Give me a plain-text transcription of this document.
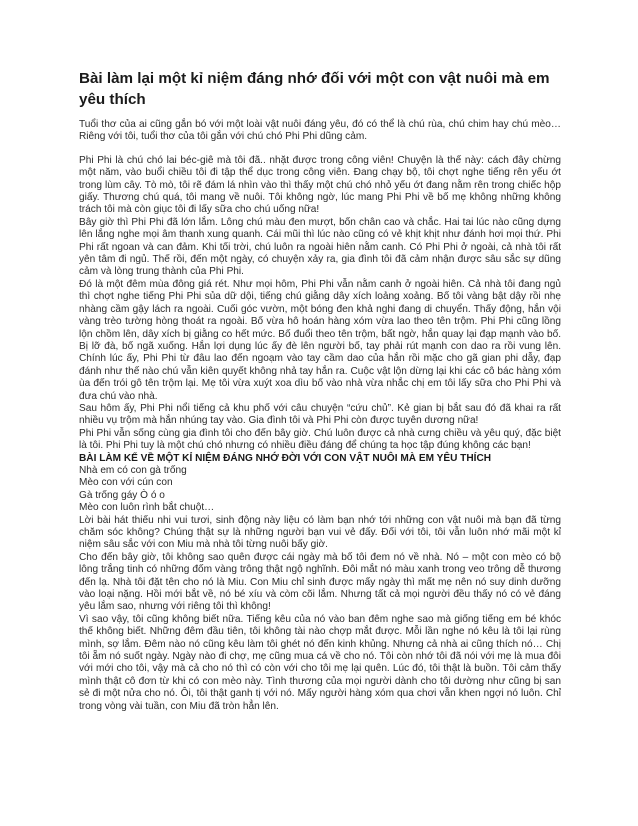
Bài làm lại một kỉ niệm đáng nhớ đối với một con vật nuôi mà em yêu thích

Tuổi thơ của ai cũng gắn bó với một loài vật nuôi đáng yêu, đó có thể là chú rùa, chú chim hay chú mèo… Riêng với tôi, tuổi thơ của tôi gắn với chú chó Phi Phi dũng cảm.

Phi Phi là chú chó lai béc-giê mà tôi đã.. nhặt được trong công viên! Chuyện là thế này: cách đây chừng một năm, vào buổi chiều tôi đi tập thể dục trong công viên. Đang chạy bộ, tôi chợt nghe tiếng rên yếu ớt trong lùm cây. Tò mò, tôi rẽ đám lá nhìn vào thì thấy một chú chó nhỏ yếu ớt đang nằm rên trong chiếc hộp giấy. Thương chú quá, tôi mang về nuôi. Tôi không ngờ, lúc mang Phi Phi về bố mẹ không những không trách tôi mà còn giục tôi đi lấy sữa cho chú uống nữa!

Bây giờ thì Phi Phi đã lớn lắm. Lông chú màu đen mượt, bốn chân cao và chắc. Hai tai lúc nào cũng dựng lên lắng nghe mọi âm thanh xung quanh. Cái mũi thì lúc nào cũng có vẻ khịt khịt như đánh hơi mọi thứ. Phi Phi rất ngoan và can đảm. Khi tối trời, chú luôn ra ngoài hiên nằm canh. Có Phi Phi ở ngoài, cả nhà tôi rất yên tâm đi ngủ. Thế rồi, đến một ngày, có chuyện xảy ra, gia đình tôi đã cảm nhận được sâu sắc sự dũng cảm và lòng trung thành của Phi Phi.

Đó là một đêm mùa đông giá rét. Như mọi hôm, Phi Phi vẫn nằm canh ở ngoài hiên. Cả nhà tôi đang ngủ thì chợt nghe tiếng Phi Phi sủa dữ dội, tiếng chú giằng dây xích loảng xoảng. Bố tôi vàng bật dậy rồi nhẹ nhàng cầm gậy lách ra ngoài. Cuối góc vườn, một bóng đen khả nghi đang di chuyển. Thấy động, hắn vội vàng trèo tường hòng thoát ra ngoài. Bố vừa hô hoán hàng xóm vừa lao theo tên trộm. Phi Phi cũng lồng lộn chồm lên, dây xích bị giằng co hết mức. Bố đuổi theo tên trộm, bất ngờ, hắn quay lại đạp mạnh vào bố. Bị lỡ đà, bố ngã xuống. Hắn lợi dụng lúc ấy đè lên người bố, tay phải rút mạnh con dao ra rồi vung lên. Chính lúc ấy, Phi Phi từ đâu lao đến ngoạm vào tay cầm dao của hắn rồi mặc cho gã gian phi dẫy, đạp đánh như thế nào chú vẫn kiên quyết không nhả tay hắn ra. Cuộc vật lộn dừng lại khi các cô bác hàng xóm ùa đến trói gô tên trộm lại. Mẹ tôi vừa xuýt xoa dìu bố vào nhà vừa nhắc chị em tôi lấy sữa cho Phi Phi và đưa chú vào nhà.

Sau hôm ấy, Phi Phi nổi tiếng cả khu phố với câu chuyện “cứu chủ”. Kẻ gian bị bắt sau đó đã khai ra rất nhiều vụ trộm mà hắn nhúng tay vào. Gia đình tôi và Phi Phi còn được tuyên dương nữa!

Phi Phi vẫn sống cùng gia đình tôi cho đến bây giờ. Chú luôn được cả nhà cưng chiều và yêu quý, đặc biệt là tôi. Phi Phi tuy là một chú chó nhưng có nhiều điều đáng để chúng ta học tập đúng không các bạn!

BÀI LÀM KỂ VỀ MỘT KỈ NIỆM ĐÁNG NHỚ ĐỜI VỚI CON VẬT NUÔI MÀ EM YÊU THÍCH

Nhà em có con gà trống

Mèo con với cún con

Gà trống gáy Ò ó o

Mèo con luôn rình bắt chuột…

Lời bài hát thiếu nhi vui tươi, sinh động này liệu có làm bạn nhớ tới những con vật nuôi mà bạn đã từng chăm sóc không? Chúng thật sự là những người bạn vui vẻ đấy. Đối với tôi, tôi vẫn luôn nhớ mãi một kỉ niệm sâu sắc với con Miu mà nhà tôi từng nuôi bấy giờ.

Cho đến bây giờ, tôi không sao quên được cái ngày mà bố tôi đem nó về nhà. Nó – một con mèo có bộ lông trắng tinh có những đốm vàng trông thật ngộ nghĩnh. Đôi mắt nó màu xanh trong veo trông dễ thương đến lạ. Nhà tôi đặt tên cho nó là Miu. Con Miu chỉ sinh được mấy ngày thì mất mẹ nên nó suy dinh dưỡng vào loại nặng. Hồi mới bắt về, nó bé xíu và còm cõi lắm. Nhưng tất cả mọi người đều thấy nó có vẻ đáng yêu lắm sao, nhưng với riêng tôi thì không!

Vì sao vậy, tôi cũng không biết nữa. Tiếng kêu của nó vào ban đêm nghe sao mà giống tiếng em bé khóc thế không biết. Những đêm đầu tiên, tôi không tài nào chợp mắt được. Mỗi lần nghe nó kêu là tôi lại rùng mình, sợ lắm. Đêm nào nó cũng kêu làm tôi ghét nó đến kinh khủng. Nhưng cả nhà ai cũng thích nó… Chị tôi ẵm nó suốt ngày. Ngày nào đi chợ, mẹ cũng mua cá về cho nó. Tôi còn nhớ tôi đã nói với mẹ là mua đôi với mới cho tôi, vậy mà cả cho nó thì có còn với cho tôi mẹ lại quên. Lúc đó, tôi thật là buồn. Tôi cảm thấy mình thật cô đơn từ khi có con mèo này. Tình thương của mọi người dành cho tôi dường như cũng bị san sẻ đi một nửa cho nó. Ôi, tôi thật ganh tị với nó. Mấy người hàng xóm qua chơi vẫn khen ngợi nó luôn. Chỉ trong vòng vài tuần, con Miu đã tròn hẳn lên.
